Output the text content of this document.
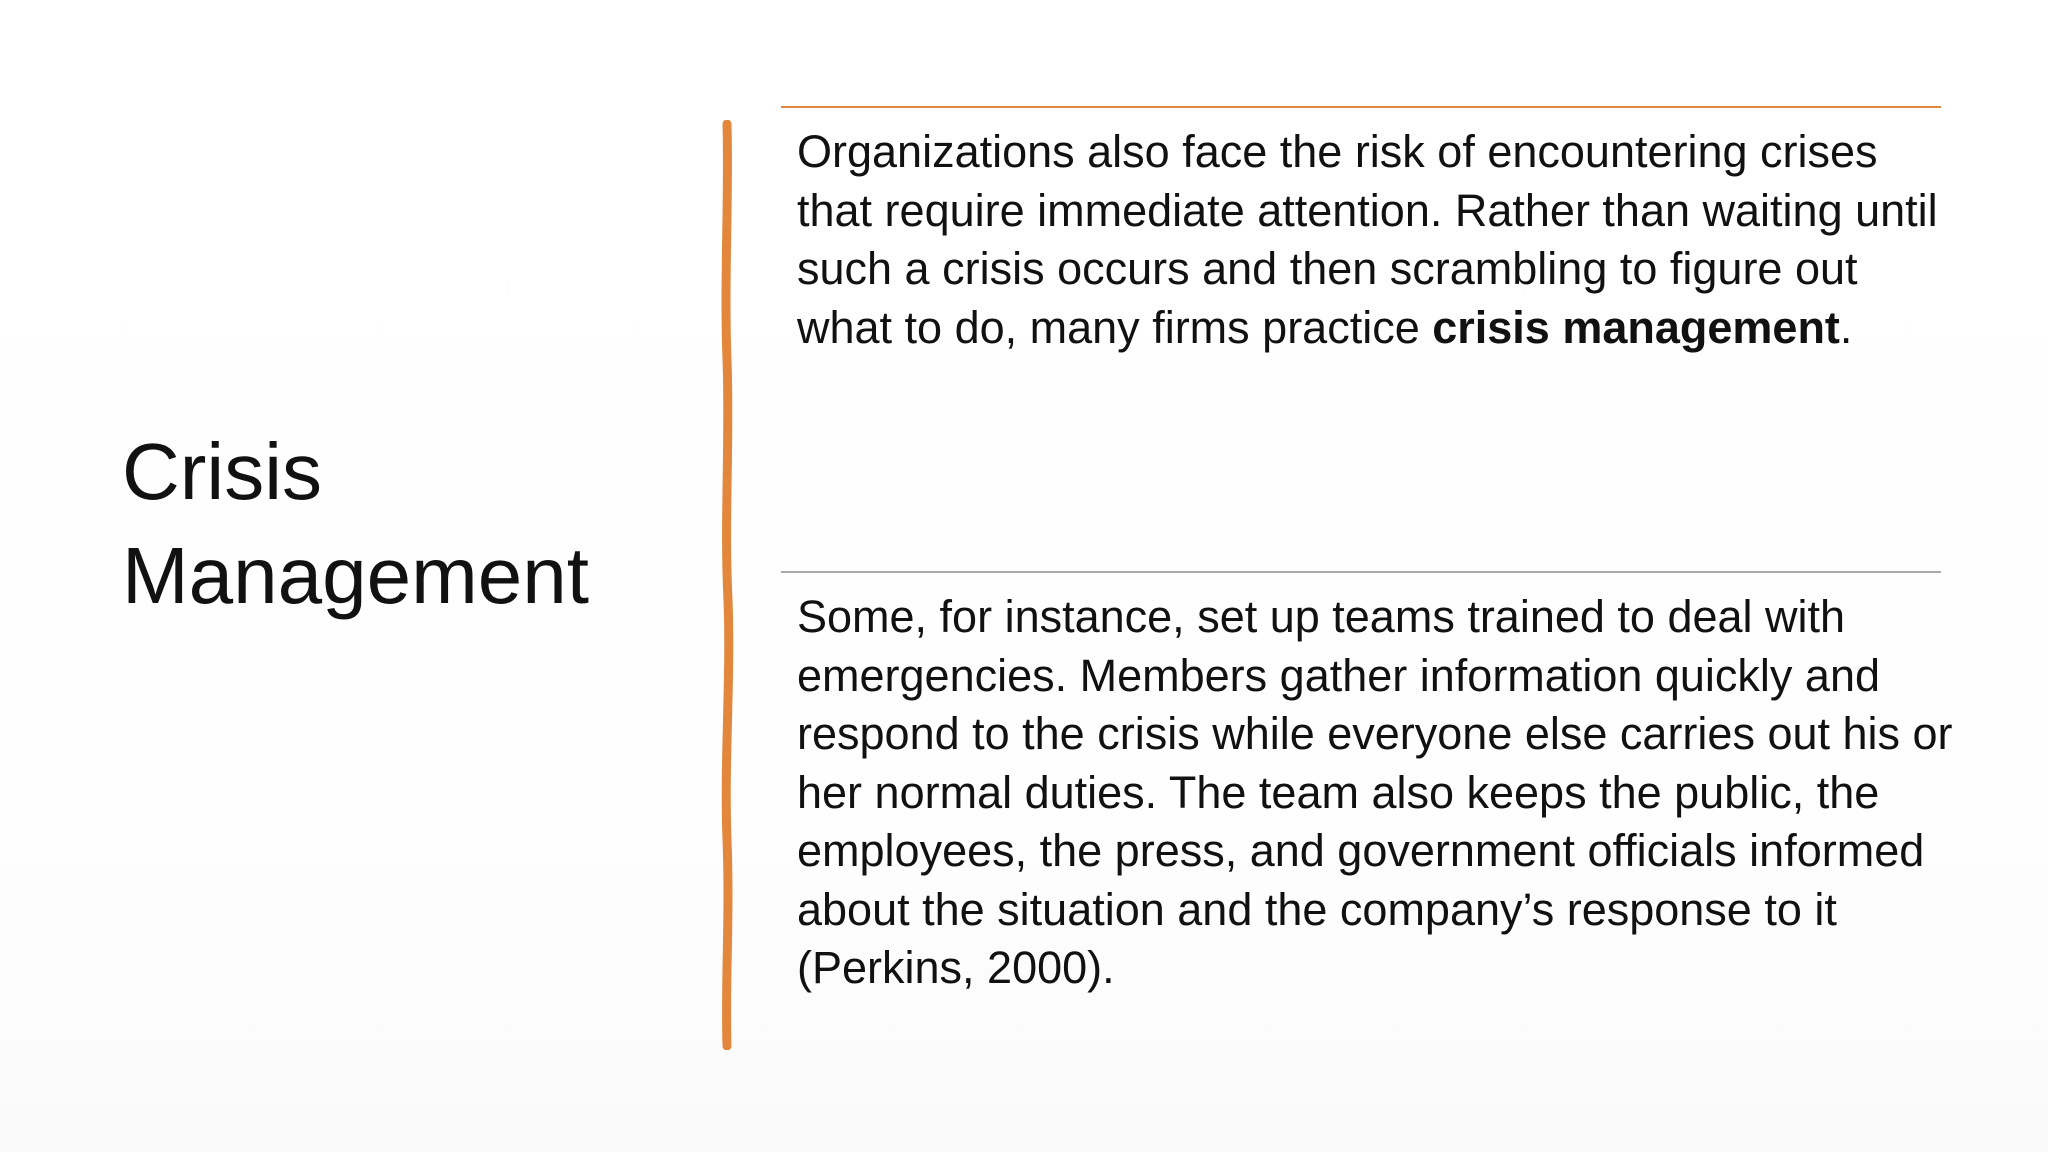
Crisis
Management

Organizations also face the risk of encountering crises that require immediate attention. Rather than waiting until such a crisis occurs and then scrambling to figure out what to do, many firms practice crisis management.

Some, for instance, set up teams trained to deal with emergencies. Members gather information quickly and respond to the crisis while everyone else carries out his or her normal duties. The team also keeps the public, the employees, the press, and government officials informed about the situation and the company’s response to it (Perkins, 2000).
